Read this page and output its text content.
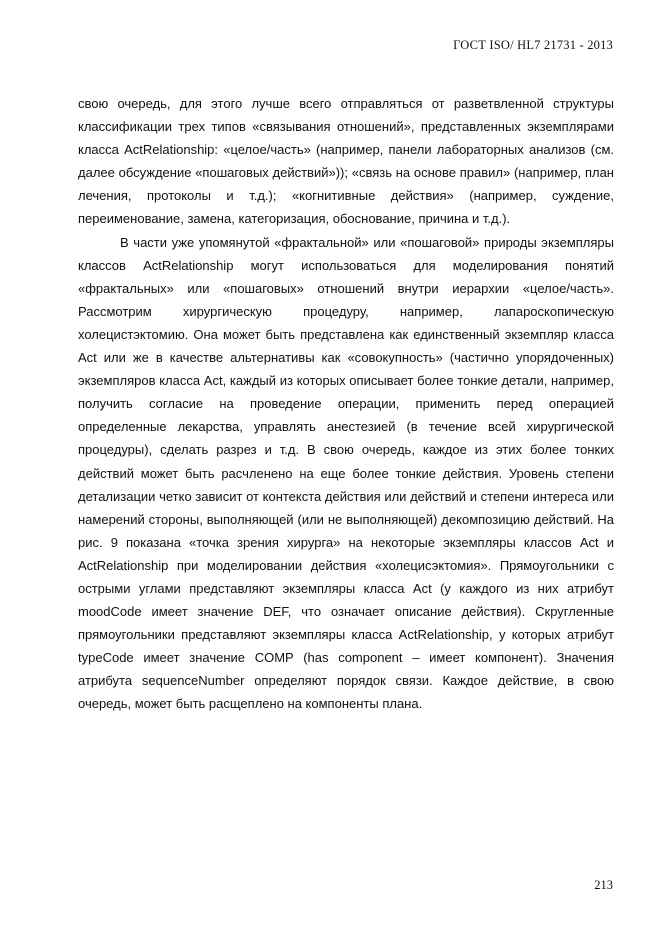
ГОСТ ISO/ HL7 21731 - 2013

свою очередь, для этого лучше всего отправляться от разветвленной структуры классификации трех типов «связывания отношений», представленных экземплярами класса ActRelationship: «целое/часть» (например, панели лабораторных анализов (см. далее обсуждение «пошаговых действий»)); «связь на основе правил» (например, план лечения, протоколы и т.д.); «когнитивные действия» (например, суждение, переименование, замена, категоризация, обоснование, причина и т.д.).

В части уже упомянутой «фрактальной» или «пошаговой» природы экземпляры классов ActRelationship могут использоваться для моделирования понятий «фрактальных» или «пошаговых» отношений внутри иерархии «целое/часть». Рассмотрим хирургическую процедуру, например, лапароскопическую холецистэктомию. Она может быть представлена как единственный экземпляр класса Act или же в качестве альтернативы как «совокупность» (частично упорядоченных) экземпляров класса Act, каждый из которых описывает более тонкие детали, например, получить согласие на проведение операции, применить перед операцией определенные лекарства, управлять анестезией (в течение всей хирургической процедуры), сделать разрез и т.д. В свою очередь, каждое из этих более тонких действий может быть расчленено на еще более тонкие действия. Уровень степени детализации четко зависит от контекста действия или действий и степени интереса или намерений стороны, выполняющей (или не выполняющей) декомпозицию действий. На рис. 9 показана «точка зрения хирурга» на некоторые экземпляры классов Act и ActRelationship при моделировании действия «холецисэктомия». Прямоугольники с острыми углами представляют экземпляры класса Act (у каждого из них атрибут moodCode имеет значение DEF, что означает описание действия). Скругленные прямоугольники представляют экземпляры класса ActRelationship, у которых атрибут typeCode имеет значение COMP (has component – имеет компонент). Значения атрибута sequenceNumber определяют порядок связи. Каждое действие, в свою очередь, может быть расщеплено на компоненты плана.

213
